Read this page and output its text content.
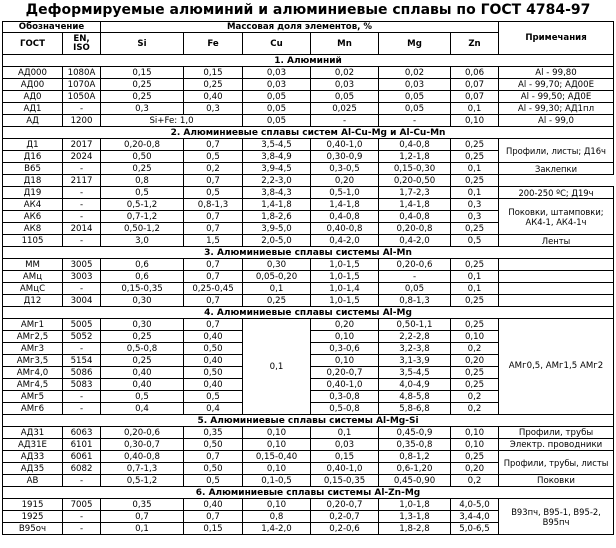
Деформируемые алюминий и алюминиевые сплавы по ГОСТ 4784-97
Обозначение		Массовая доля элементов, %						Примечания
ГОСТ	EN, ISO	Si	Fe	Cu	Mn	Mg	Zn	
1. Алюминий								
АД000	1080A	0,15	0,15	0,03	0,02	0,02	0,06	Al - 99,80
АД00	1070A	0,25	0,25	0,03	0,03	0,03	0,07	Al - 99,70; АД00Е
АД0	1050A	0,25	0,40	0,05	0,05	0,05	0,07	Al - 99,50; АД0Е
АД1	-	0,3	0,3	0,05	0,025	0,05	0,1	Al - 99,30; АД1пл
АД	1200	Si+Fe: 1,0		0,05	-	-	0,10	Al - 99,0
2. Алюминиевые сплавы систем Al-Cu-Mg и Al-Cu-Mn								
Д1	2017	0,20-0,8	0,7	3,5-4,5	0,40-1,0	0,4-0,8	0,25	Профили, листы; Д16ч
Д16	2024	0,50	0,5	3,8-4,9	0,30-0,9	1,2-1,8	0,25	
В65	-	0,25	0,2	3,9-4,5	0,3-0,5	0,15-0,30	0,1	Заклепки
Д18	2117	0,8	0,7	2,2-3,0	0,20	0,20-0,50	0,25	
Д19	-	0,5	0,5	3,8-4,3	0,5-1,0	1,7-2,3	0,1	200-250 ºС; Д19ч
АК4	-	0,5-1,2	0,8-1,3	1,4-1,8	1,4-1,8	1,4-1,8	0,3	Поковки, штамповки; АК4-1, АК4-1ч
АК6	-	0,7-1,2	0,7	1,8-2,6	0,4-0,8	0,4-0,8	0,3	
АК8	2014	0,50-1,2	0,7	3,9-5,0	0,40-0,8	0,20-0,8	0,25	
1105	-	3,0	1,5	2,0-5,0	0,4-2,0	0,4-2,0	0,5	Ленты
3. Алюминиевые сплавы системы Al-Mn								
ММ	3005	0,6	0,7	0,30	1,0-1,5	0,20-0,6	0,25	
АМц	3003	0,6	0,7	0,05-0,20	1,0-1,5	-	0,1	
АМцС	-	0,15-0,35	0,25-0,45	0,1	1,0-1,4	0,05	0,1	
Д12	3004	0,30	0,7	0,25	1,0-1,5	0,8-1,3	0,25	
4. Алюминиевые сплавы системы Al-Mg								
АМг1	5005	0,30	0,7	0,1	0,20	0,50-1,1	0,25	АМг0,5, АМг1,5 АМг2
АМг2,5	5052	0,25	0,40		0,10	2,2-2,8	0,10	
АМг3	-	0,5-0,8	0,50		0,3-0,6	3,2-3,8	0,2	
АМг3,5	5154	0,25	0,40		0,10	3,1-3,9	0,20	
АМг4,0	5086	0,40	0,50		0,20-0,7	3,5-4,5	0,25	
АМг4,5	5083	0,40	0,40		0,40-1,0	4,0-4,9	0,25	
АМг5	-	0,5	0,5		0,3-0,8	4,8-5,8	0,2	
АМг6	-	0,4	0,4		0,5-0,8	5,8-6,8	0,2	
5. Алюминиевые сплавы системы Al-Mg-Si								
АД31	6063	0,20-0,6	0,35	0,10	0,1	0,45-0,9	0,10	Профили, трубы
АД31Е	6101	0,30-0,7	0,50	0,10	0,03	0,35-0,8	0,10	Электр. проводники
АД33	6061	0,40-0,8	0,7	0,15-0,40	0,15	0,8-1,2	0,25	Профили, трубы, листы
АД35	6082	0,7-1,3	0,50	0,10	0,40-1,0	0,6-1,20	0,20	
АВ	-	0,5-1,2	0,5	0,1-0,5	0,15-0,35	0,45-0,90	0,2	Поковки
6. Алюминиевые сплавы системы Al-Zn-Mg								
1915	7005	0,35	0,40	0,10	0,20-0,7	1,0-1,8	4,0-5,0	В93пч, В95-1, В95-2, В95пч
1925	-	0,7	0,7	0,8	0,2-0,7	1,3-1,8	3,4-4,0	
В95оч	-	0,1	0,15	1,4-2,0	0,2-0,6	1,8-2,8	5,0-6,5	
